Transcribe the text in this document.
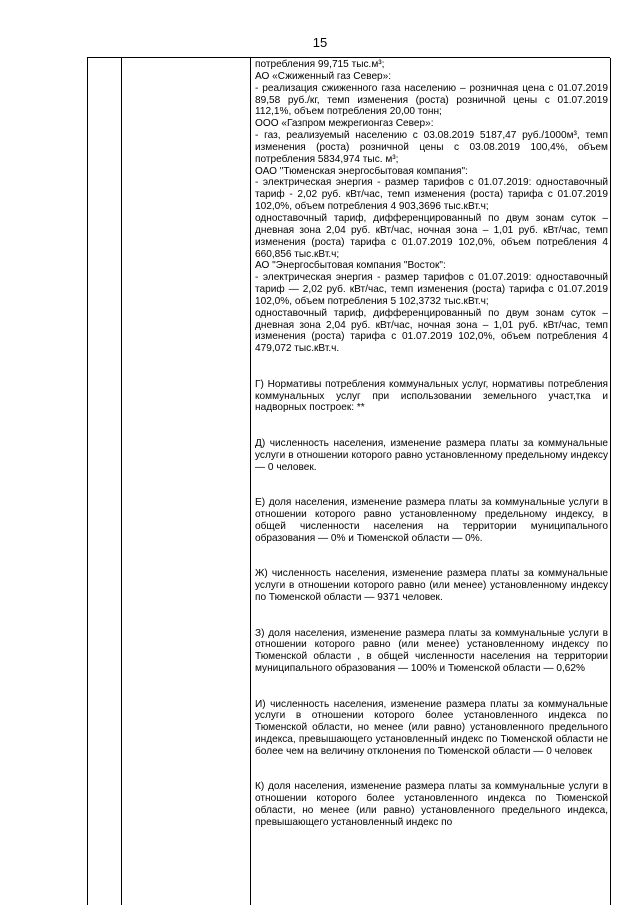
15

потребления 99,715 тыс.м³;

АО «Сжиженный газ Север»:

- реализация сжиженного газа населению – розничная цена с 01.07.2019 89,58 руб./кг, темп изменения (роста) розничной цены с 01.07.2019 112,1%, объем потребления 20,00 тонн;

ООО «Газпром межрегионгаз Север»:

- газ, реализуемый населению с 03.08.2019 5187,47 руб./1000м³, темп изменения (роста) розничной цены с 03.08.2019 100,4%, объем потребления 5834,974 тыс. м³;

ОАО "Тюменская энергосбытовая компания":

- электрическая энергия - размер тарифов с 01.07.2019: одноставочный тариф - 2,02 руб. кВт/час, темп изменения (роста) тарифа с 01.07.2019 102,0%, объем потребления 4 903,3696 тыс.кВт.ч;

одноставочный тариф, дифференцированный по двум зонам суток – дневная зона 2,04 руб. кВт/час, ночная зона – 1,01 руб. кВт/час, темп изменения (роста) тарифа с 01.07.2019 102,0%, объем потребления 4 660,856 тыс.кВт.ч;

АО "Энергосбытовая компания "Восток":

- электрическая энергия - размер тарифов с 01.07.2019: одноставочный тариф — 2,02 руб. кВт/час, темп изменения (роста) тарифа с 01.07.2019 102,0%, объем потребления 5 102,3732 тыс.кВт.ч;

одноставочный тариф, дифференцированный по двум зонам суток – дневная зона 2,04 руб. кВт/час, ночная зона – 1,01 руб. кВт/час, темп изменения (роста) тарифа с 01.07.2019 102,0%, объем потребления 4 479,072 тыс.кВт.ч.

Г) Нормативы потребления коммунальных услуг, нормативы потребления коммунальных услуг при использовании земельного участ,тка и надворных построек: **

Д) численность населения, изменение размера платы за коммунальные услуги в отношении которого равно установленному предельному индексу — 0 человек.

Е) доля населения, изменение размера платы за коммунальные услуги в отношении которого равно установленному предельному индексу, в общей численности населения на территории муниципального образования — 0% и Тюменской области — 0%.

Ж) численность населения, изменение размера платы за коммунальные услуги в отношении которого равно (или менее) установленному индексу по Тюменской области — 9371 человек.

З) доля населения, изменение размера платы за коммунальные услуги в отношении которого равно (или менее) установленному индексу по Тюменской области , в общей численности населения на территории муниципального образования — 100% и Тюменской области — 0,62%

И) численность населения, изменение размера платы за коммунальные услуги в отношении которого более установленного индекса по Тюменской области, но менее (или равно) установленного предельного индекса, превышающего установленный индекс по Тюменской области не более чем на величину отклонения по Тюменской области — 0 человек

К) доля населения, изменение размера платы за коммунальные услуги в отношении которого более установленного индекса по Тюменской области, но менее (или равно) установленного предельного индекса, превышающего установленный индекс по
